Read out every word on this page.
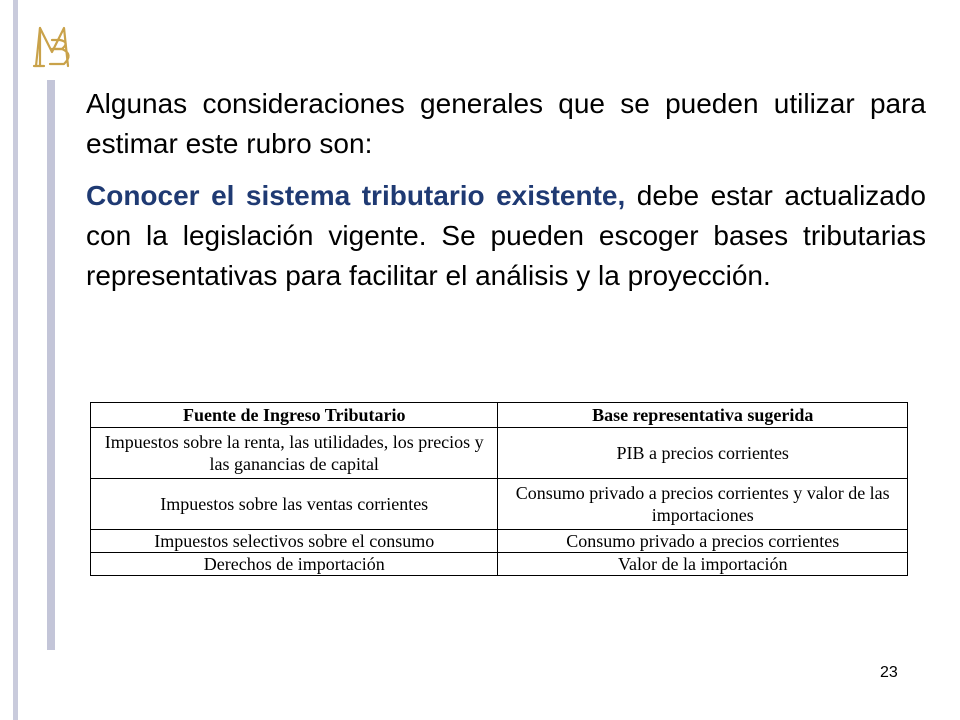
Algunas consideraciones generales que se pueden utilizar para estimar este rubro son:

Conocer el sistema tributario existente, debe estar actualizado con la legislación vigente. Se pueden escoger bases tributarias representativas para facilitar el análisis y la proyección.

Fuente de Ingreso Tributario	Base representativa sugerida
Impuestos sobre la renta, las utilidades, los precios y las ganancias de capital	PIB a precios corrientes
Impuestos sobre las ventas corrientes	Consumo privado a precios corrientes y valor de las importaciones
Impuestos selectivos sobre el consumo	Consumo privado a precios corrientes
Derechos de importación	Valor de la importación
23
